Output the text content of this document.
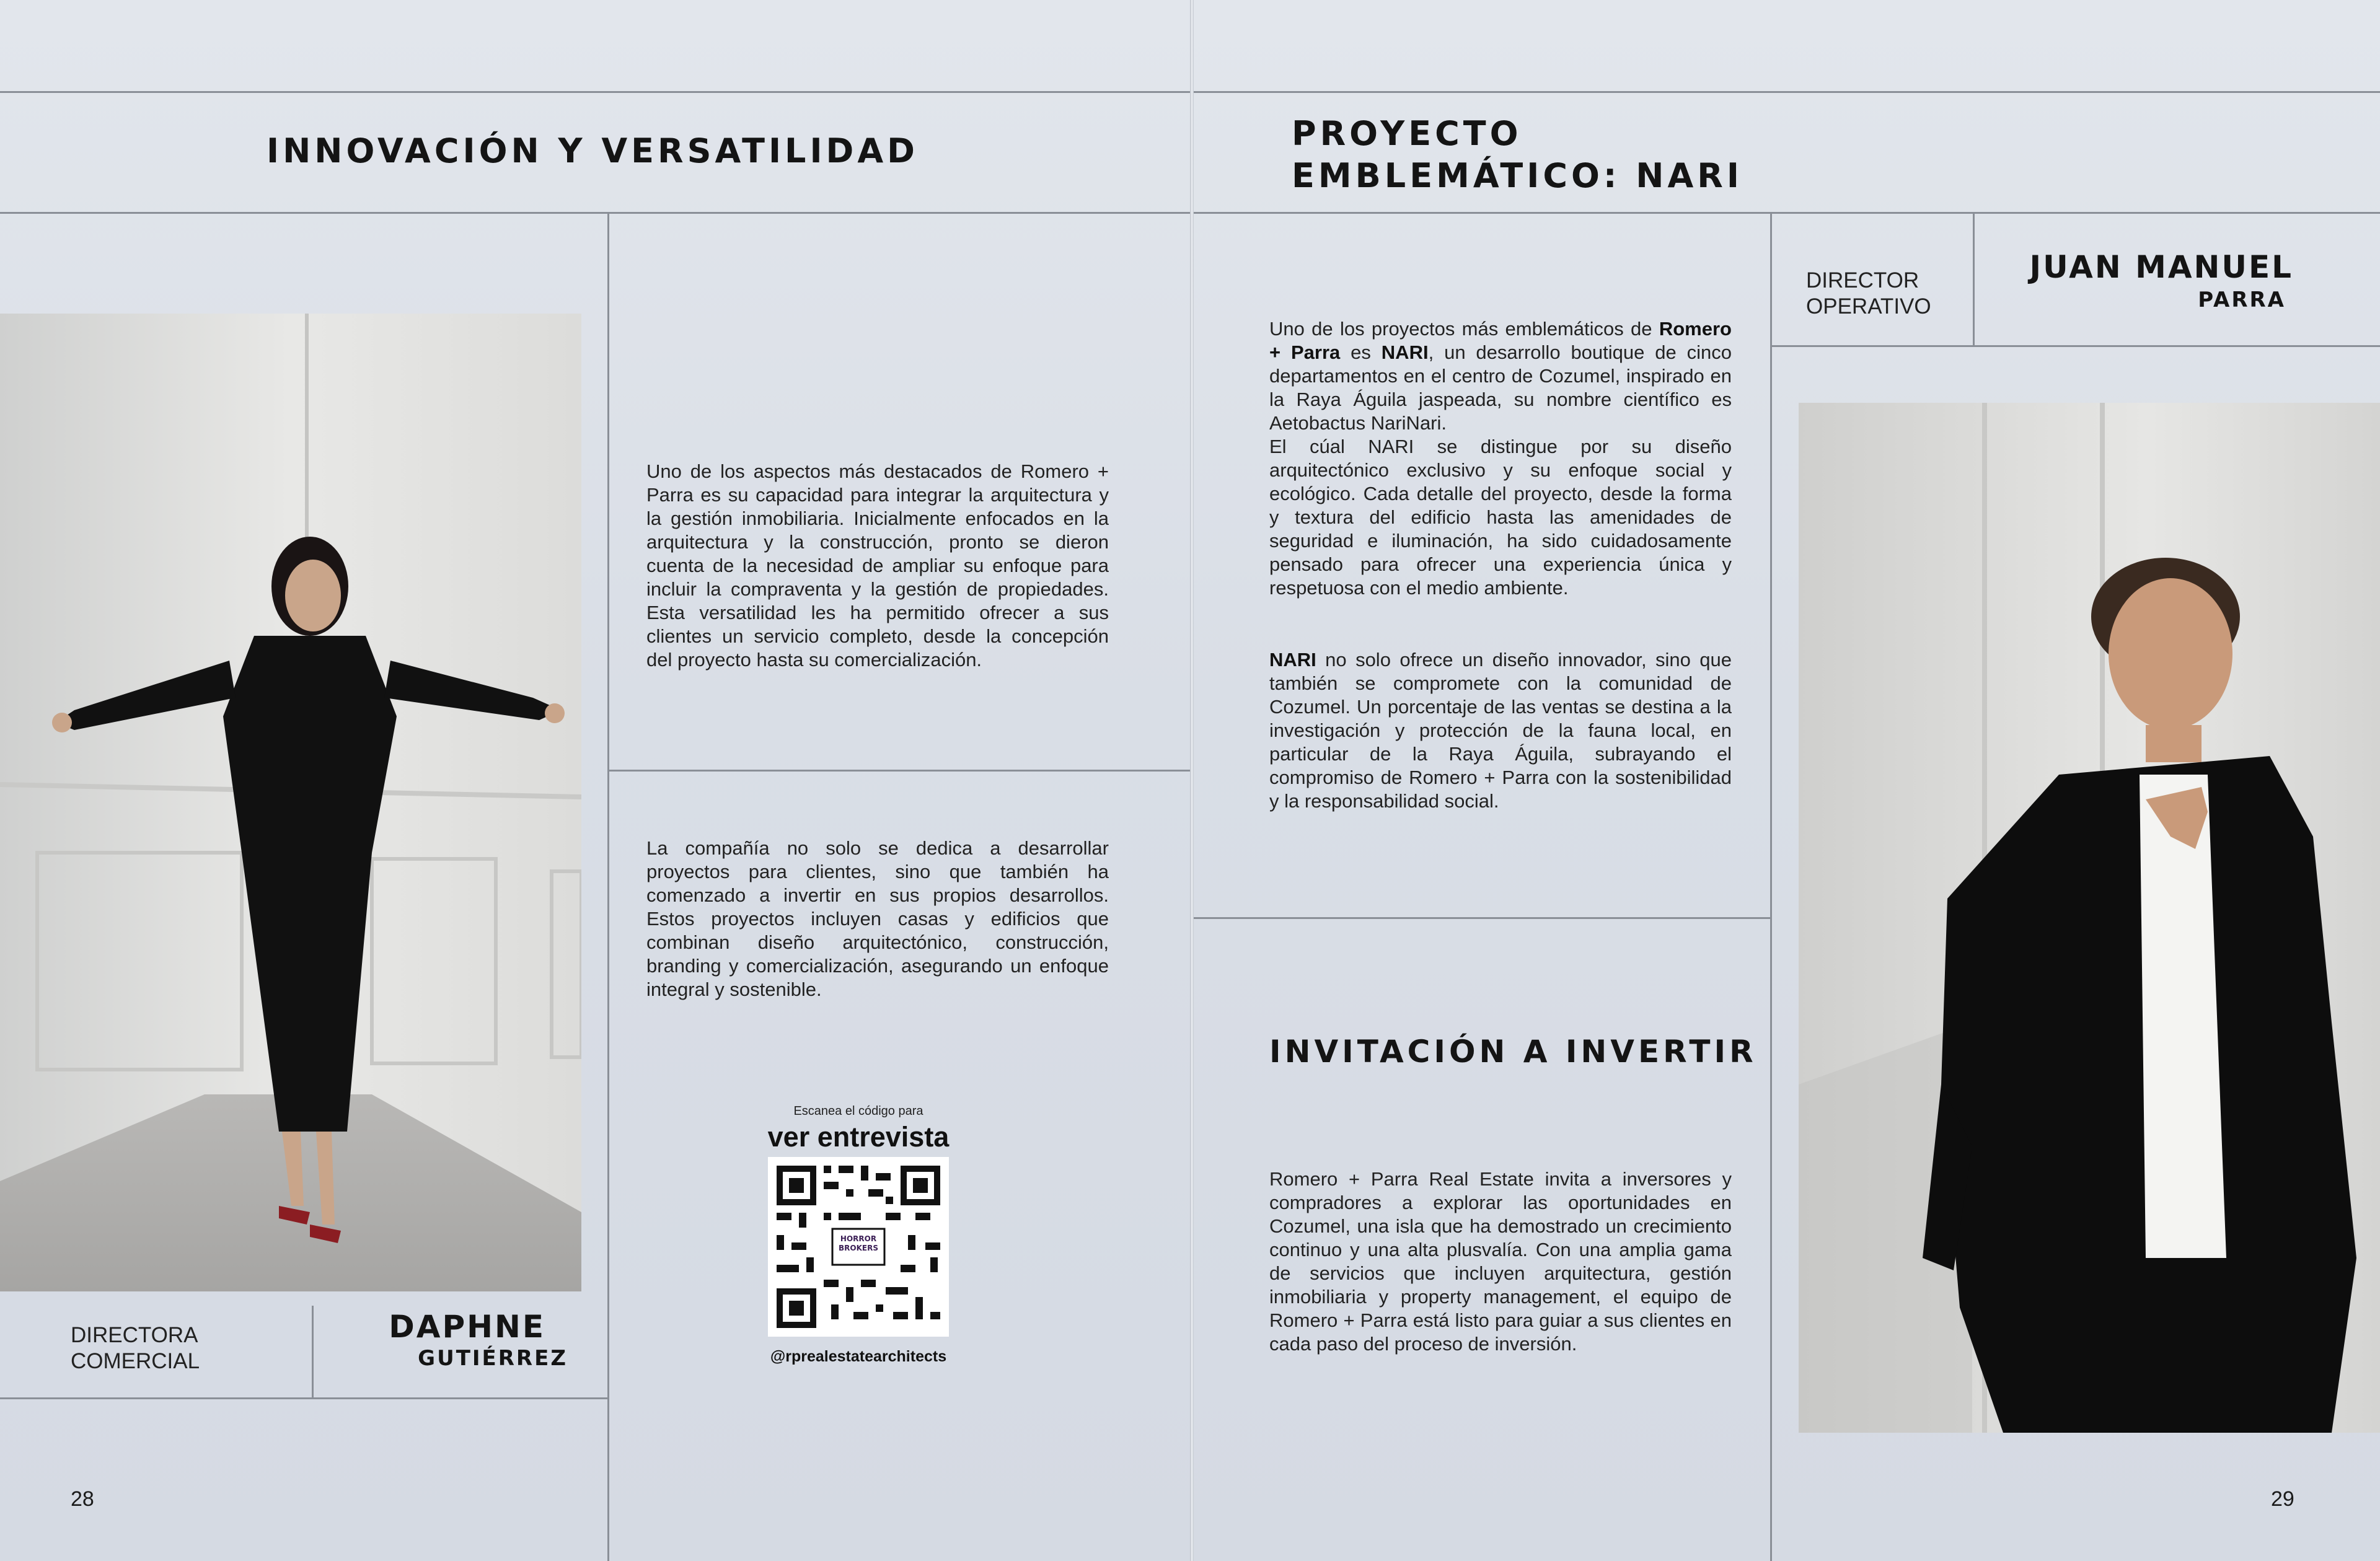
INNOVACIÓN Y VERSATILIDAD
Uno de los aspectos más destacados de Romero + Parra es su capacidad para integrar la arquitectura y la gestión inmobiliaria. Inicialmente enfocados en la arquitectura y la construcción, pronto se dieron cuenta de la necesidad de ampliar su enfoque para incluir la compraventa y la gestión de propiedades. Esta versatilidad les ha permitido ofrecer a sus clientes un servicio completo, desde la concepción del proyecto hasta su comercialización.
La compañía no solo se dedica a desarrollar proyectos para clientes, sino que también ha comenzado a invertir en sus propios desarrollos. Estos proyectos incluyen casas y edificios que combinan diseño arquitectónico, construcción, branding y comercialización, asegurando un enfoque integral y sostenible.
Escanea el código para
ver entrevista
HORROR BROKERS
@rprealestatearchitects
DIRECTORA COMERCIAL
DAPHNE
GUTIÉRREZ
28
PROYECTO EMBLEMÁTICO: NARI
DIRECTOR OPERATIVO
JUAN MANUEL
PARRA

Uno de los proyectos más emblemáticos de Romero + Parra es NARI, un desarrollo boutique de cinco departamentos en el centro de Cozumel, inspirado en la Raya Águila jaspeada, su nombre científico es Aetobactus NariNari.

El cúal NARI se distingue por su diseño arquitectónico exclusivo y su enfoque social y ecológico. Cada detalle del proyecto, desde la forma y textura del edificio hasta las amenidades de seguridad e iluminación, ha sido cuidadosamente pensado para ofrecer una experiencia única y respetuosa con el medio ambiente.

NARI no solo ofrece un diseño innovador, sino que también se compromete con la comunidad de Cozumel. Un porcentaje de las ventas se destina a la investigación y protección de la fauna local, en particular de la Raya Águila, subrayando el compromiso de Romero + Parra con la sostenibilidad y la responsabilidad social.

INVITACIÓN A INVERTIR
Romero + Parra Real Estate invita a inversores y compradores a explorar las oportunidades en Cozumel, una isla que ha demostrado un crecimiento continuo y una alta plusvalía. Con una amplia gama de servicios que incluyen arquitectura, gestión inmobiliaria y property management, el equipo de Romero + Parra está listo para guiar a sus clientes en cada paso del proceso de inversión.
29
